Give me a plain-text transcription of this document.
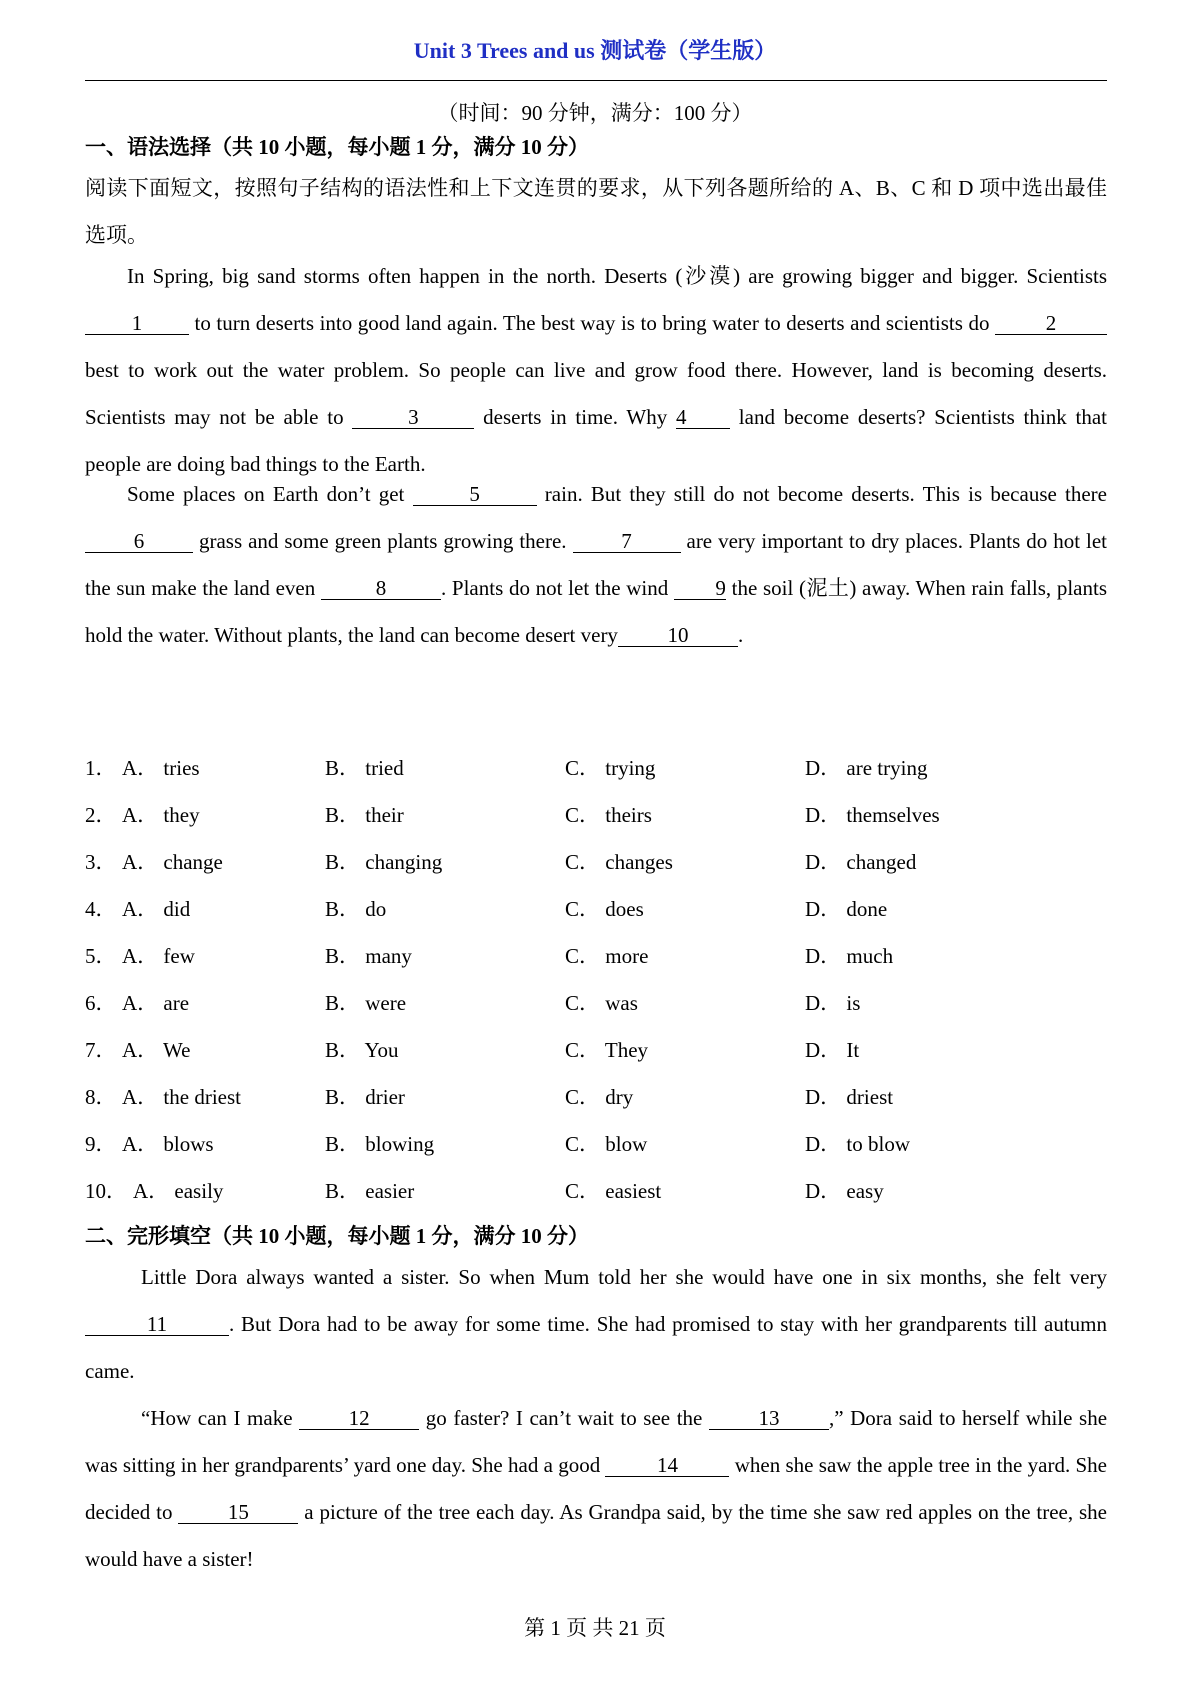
Unit 3 Trees and us 测试卷（学生版）
（时间：90 分钟，满分：100 分）
一、语法选择（共 10 小题，每小题 1 分，满分 10 分）
阅读下面短文，按照句子结构的语法性和上下文连贯的要求，从下列各题所给的 A、B、C 和 D 项中选出最佳选项。
In Spring, big sand storms often happen in the north. Deserts (沙漠) are growing bigger and bigger. Scientists 1 to turn deserts into good land again. The best way is to bring water to deserts and scientists do 2 best to work out the water problem. So people can live and grow food there. However, land is becoming deserts. Scientists may not be able to	3	deserts in time. Why 4 land become deserts? Scientists think that people are doing bad things to the Earth.
Some places on Earth don’t get	5	rain. But they still do not become deserts. This is because there 6 grass and some green plants growing there. 7 are very important to dry places. Plants do hot let the sun make the land even	8	. Plants do not let the wind 9 the soil (泥土) away. When rain falls, plants hold the water. Without plants, the land can become desert very 10 .
1． A． tries	B． tried	C． trying	D． are trying
2． A． they	B． their	C． theirs	D． themselves
3． A． change	B． changing	C． changes	D． changed
4． A． did	B． do	C． does	D． done
5． A． few	B． many	C． more	D． much
6． A． are	B． were	C． was	D． is
7． A． We	B． You	C． They	D． It
8． A． the driest	B． drier	C． dry	D． driest
9． A． blows	B． blowing	C． blow	D． to blow
10． A． easily	B． easier	C． easiest	D． easy
二、完形填空（共 10 小题，每小题 1 分，满分 10 分）
Little Dora always wanted a sister. So when Mum told her she would have one in six months, she felt very 11	. But Dora had to be away for some time. She had promised to stay with her grandparents till autumn came.
“How can I make 12 go faster? I can’t wait to see the 13 ,” Dora said to herself while she was sitting in her grandparents’ yard one day. She had a good 14 when she saw the apple tree in the yard. She decided to 15 a picture of the tree each day. As Grandpa said, by the time she saw red apples on the tree, she would have a sister!
第 1 页 共 21 页
